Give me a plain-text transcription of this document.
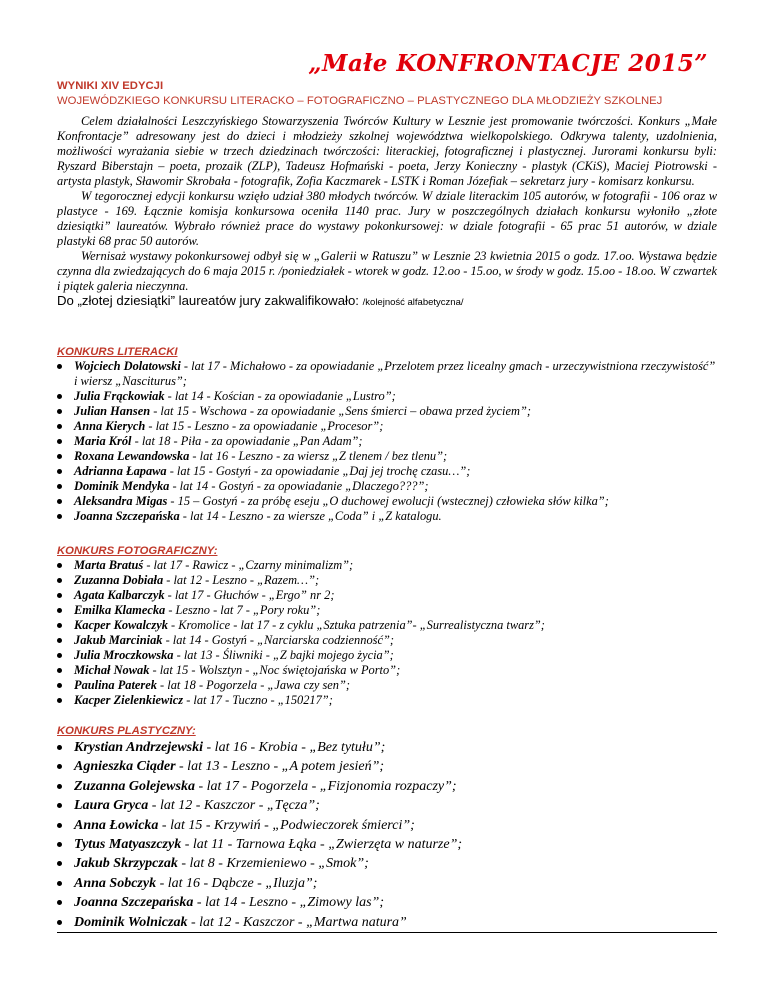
„Małe KONFRONTACJE 2015”
WYNIKI XIV EDYCJI
WOJEWÓDZKIEGO KONKURSU LITERACKO – FOTOGRAFICZNO – PLASTYCZNEGO DLA MŁODZIEŻY SZKOLNEJ

Celem działalności Leszczyńskiego Stowarzyszenia Twórców Kultury w Lesznie jest promowanie twórczości. Konkurs „Małe Konfrontacje” adresowany jest do dzieci i młodzieży szkolnej województwa wielkopolskiego. Odkrywa talenty, uzdolnienia, możliwości wyrażania siebie w trzech dziedzinach twórczości: literackiej, fotograficznej i plastycznej. Jurorami konkursu byli: Ryszard Biberstajn – poeta, prozaik (ZLP), Tadeusz Hofmański - poeta, Jerzy Konieczny - plastyk (CKiS), Maciej Piotrowski - artysta plastyk, Sławomir Skrobała - fotografik, Zofia Kaczmarek - LSTK i Roman Józefiak – sekretarz jury - komisarz konkursu.

W tegorocznej edycji konkursu wzięło udział 380 młodych twórców. W dziale literackim 105 autorów, w fotografii - 106 oraz w plastyce - 169. Łącznie komisja konkursowa oceniła 1140 prac. Jury w poszczególnych działach konkursu wyłoniło „złote dziesiątki” laureatów. Wybrało również prace do wystawy pokonkursowej: w dziale fotografii - 65 prac 51 autorów, w dziale plastyki 68 prac 50 autorów.

Wernisaż wystawy pokonkursowej odbył się w „Galerii w Ratuszu” w Lesznie 23 kwietnia 2015 o godz. 17.oo. Wystawa będzie czynna dla zwiedzających do 6 maja 2015 r. /poniedziałek - wtorek w godz. 12.oo - 15.oo, w środy w godz. 15.oo - 18.oo. W czwartek i piątek galeria nieczynna.

Do „złotej dziesiątki” laureatów jury zakwalifikowało: /kolejność alfabetyczna/
KONKURS LITERACKI
Wojciech Dolatowski - lat 17 - Michałowo - za opowiadanie „Przelotem przez licealny gmach - urzeczywistniona rzeczywistość” i wiersz „Nasciturus”;
Julia Frąckowiak - lat 14 - Kościan - za opowiadanie „Lustro”;
Julian Hansen - lat 15 - Wschowa - za opowiadanie „Sens śmierci – obawa przed życiem”;
Anna Kierych - lat 15 - Leszno - za opowiadanie „Procesor”;
Maria Król - lat 18 - Piła - za opowiadanie „Pan Adam”;
Roxana Lewandowska - lat 16 - Leszno - za wiersz „Z tlenem / bez tlenu”;
Adrianna Łapawa - lat 15 - Gostyń - za opowiadanie „Daj jej trochę czasu…”;
Dominik Mendyka - lat 14 - Gostyń - za opowiadanie „Dlaczego???”;
Aleksandra Migas - 15 – Gostyń - za próbę eseju „O duchowej ewolucji (wstecznej) człowieka słów kilka”;
Joanna Szczepańska - lat 14 - Leszno - za wiersze „Coda” i „Z katalogu.
KONKURS FOTOGRAFICZNY:
Marta Bratuś - lat 17 - Rawicz - „Czarny minimalizm”;
Zuzanna Dobiała - lat 12 - Leszno - „Razem…”;
Agata Kalbarczyk - lat 17 - Głuchów - „Ergo” nr 2;
Emilka Klamecka - Leszno - lat 7 - „Pory roku”;
Kacper Kowalczyk - Kromolice - lat 17 - z cyklu „Sztuka patrzenia”- „Surrealistyczna twarz”;
Jakub Marciniak - lat 14 - Gostyń - „Narciarska codzienność”;
Julia Mroczkowska - lat 13 - Śliwniki - „Z bajki mojego życia”;
Michał Nowak - lat 15 - Wolsztyn - „Noc świętojańska w Porto”;
Paulina Paterek - lat 18 - Pogorzela - „Jawa czy sen”;
Kacper Zielenkiewicz - lat 17 - Tuczno - „150217”;
KONKURS PLASTYCZNY:
Krystian Andrzejewski - lat 16 - Krobia - „Bez tytułu”;
Agnieszka Ciąder - lat 13 - Leszno - „A potem jesień”;
Zuzanna Golejewska - lat 17 - Pogorzela - „Fizjonomia rozpaczy”;
Laura Gryca - lat 12 - Kaszczor - „Tęcza”;
Anna Łowicka - lat 15 - Krzywiń - „Podwieczorek śmierci”;
Tytus Matyaszczyk - lat 11 - Tarnowa Łąka - „Zwierzęta w naturze”;
Jakub Skrzypczak - lat 8 - Krzemieniewo - „Smok”;
Anna Sobczyk - lat 16 - Dąbcze - „Iluzja”;
Joanna Szczepańska - lat 14 - Leszno - „Zimowy las”;
Dominik Wolniczak - lat 12 - Kaszczor - „Martwa natura”
